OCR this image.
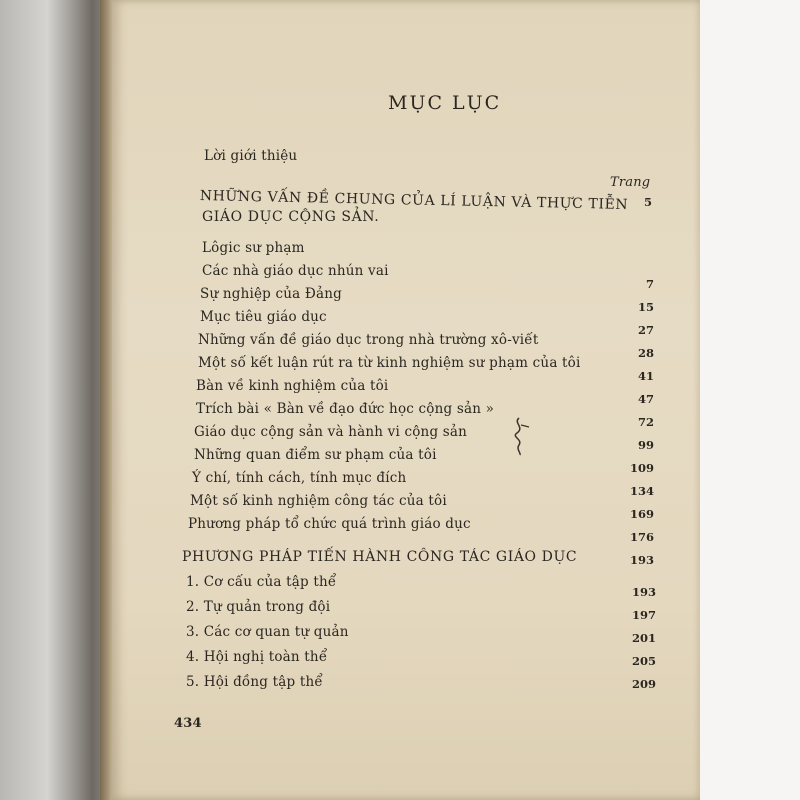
MỤC LỤC
Lời giới thiệu
Trang
5
NHỮNG VẤN ĐỀ CHUNG CỦA LÍ LUẬN VÀ THỰC TIỄN
GIÁO DỤC CỘNG SẢN.
Lôgic sư phạm
Các nhà giáo dục nhún vai
Sự nghiệp của Đảng
Mục tiêu giáo dục
Những vấn đề giáo dục trong nhà trường xô-viết
Một số kết luận rút ra từ kinh nghiệm sư phạm của tôi
Bàn về kinh nghiệm của tôi
Trích bài « Bàn về đạo đức học cộng sản »
Giáo dục cộng sản và hành vi cộng sản
Những quan điểm sư phạm của tôi
Ý chí, tính cách, tính mục đích
Một số kinh nghiệm công tác của tôi
Phương pháp tổ chức quá trình giáo dục
7
15
27
28
41
47
72
99
109
134
169
176
193
PHƯƠNG PHÁP TIẾN HÀNH CÔNG TÁC GIÁO DỤC
1. Cơ cấu của tập thể
2. Tự quản trong đội
3. Các cơ quan tự quản
4. Hội nghị toàn thể
5. Hội đồng tập thể
193
197
201
205
209
434
